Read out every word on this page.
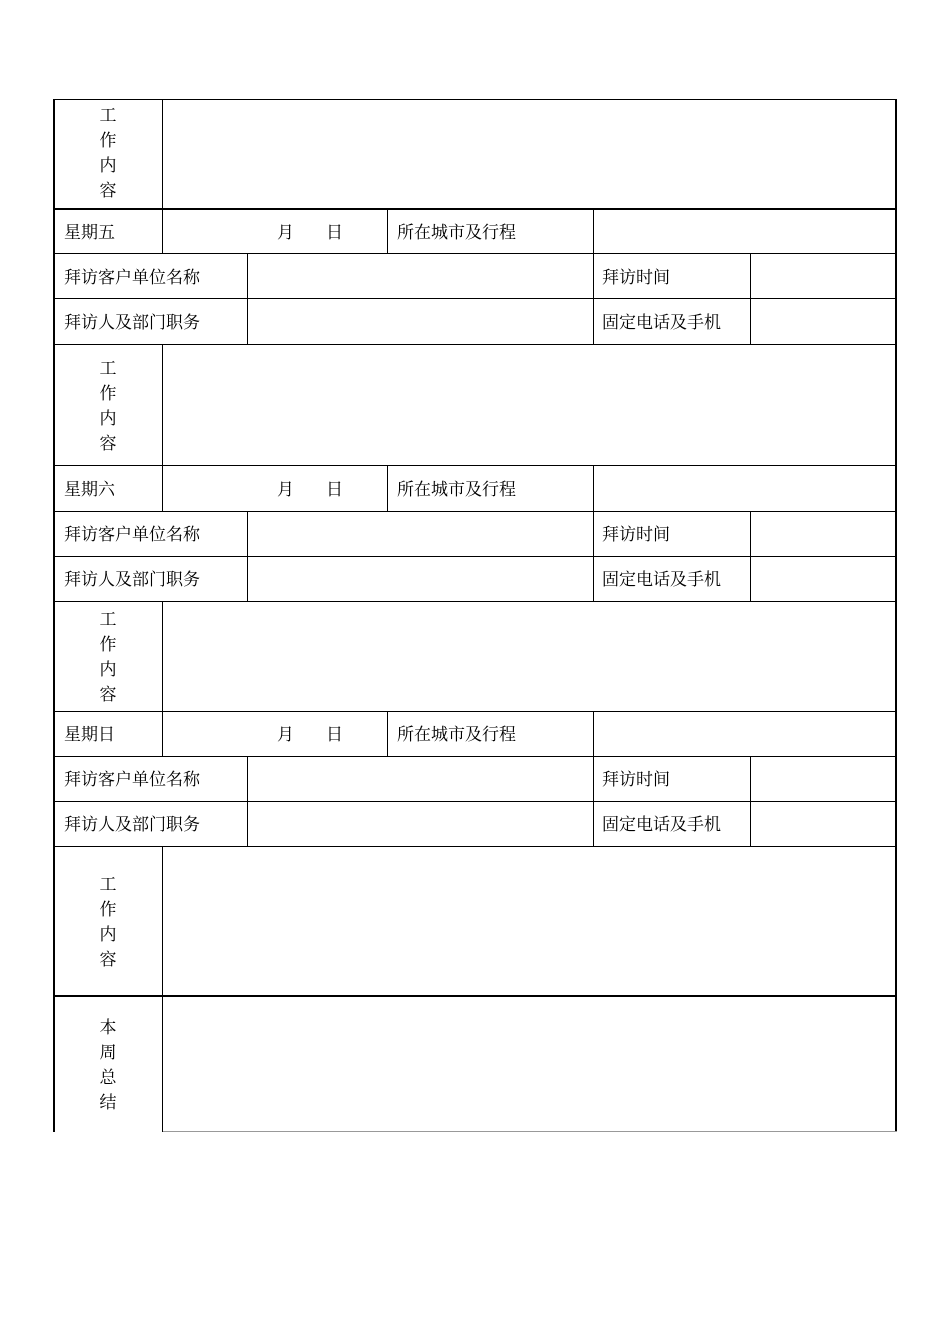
工作内容
星期五	月 日	所在城市及行程
拜访客户单位名称	拜访时间
拜访人及部门职务	固定电话及手机
工作内容
星期六	月 日	所在城市及行程
拜访客户单位名称	拜访时间
拜访人及部门职务	固定电话及手机
工作内容
星期日	月 日	所在城市及行程
拜访客户单位名称	拜访时间
拜访人及部门职务	固定电话及手机
工作内容
本周总结
